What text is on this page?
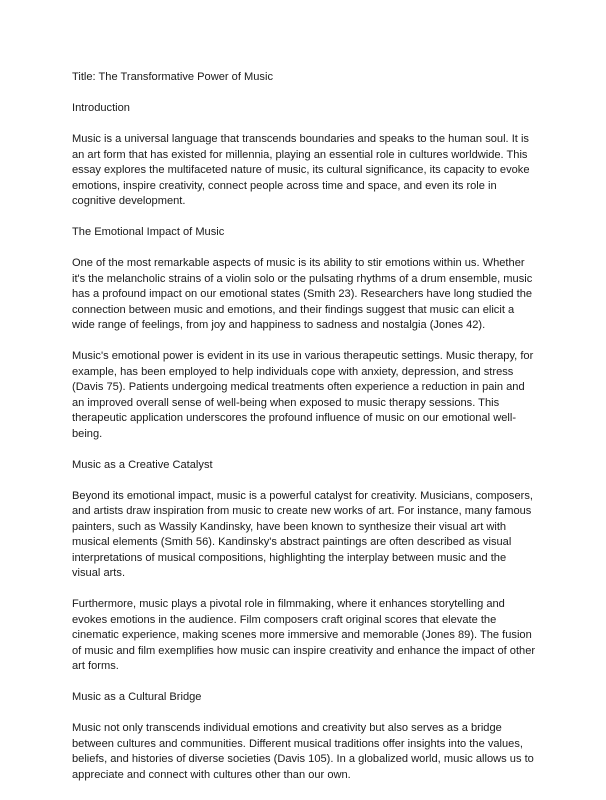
Title: The Transformative Power of Music

Introduction

Music is a universal language that transcends boundaries and speaks to the human soul. It is an art form that has existed for millennia, playing an essential role in cultures worldwide. This essay explores the multifaceted nature of music, its cultural significance, its capacity to evoke emotions, inspire creativity, connect people across time and space, and even its role in cognitive development.

The Emotional Impact of Music

One of the most remarkable aspects of music is its ability to stir emotions within us. Whether it's the melancholic strains of a violin solo or the pulsating rhythms of a drum ensemble, music has a profound impact on our emotional states (Smith 23). Researchers have long studied the connection between music and emotions, and their findings suggest that music can elicit a wide range of feelings, from joy and happiness to sadness and nostalgia (Jones 42).

Music's emotional power is evident in its use in various therapeutic settings. Music therapy, for example, has been employed to help individuals cope with anxiety, depression, and stress (Davis 75). Patients undergoing medical treatments often experience a reduction in pain and an improved overall sense of well-being when exposed to music therapy sessions. This therapeutic application underscores the profound influence of music on our emotional well-being.

Music as a Creative Catalyst

Beyond its emotional impact, music is a powerful catalyst for creativity. Musicians, composers, and artists draw inspiration from music to create new works of art. For instance, many famous painters, such as Wassily Kandinsky, have been known to synthesize their visual art with musical elements (Smith 56). Kandinsky's abstract paintings are often described as visual interpretations of musical compositions, highlighting the interplay between music and the visual arts.

Furthermore, music plays a pivotal role in filmmaking, where it enhances storytelling and evokes emotions in the audience. Film composers craft original scores that elevate the cinematic experience, making scenes more immersive and memorable (Jones 89). The fusion of music and film exemplifies how music can inspire creativity and enhance the impact of other art forms.

Music as a Cultural Bridge

Music not only transcends individual emotions and creativity but also serves as a bridge between cultures and communities. Different musical traditions offer insights into the values, beliefs, and histories of diverse societies (Davis 105). In a globalized world, music allows us to appreciate and connect with cultures other than our own.
